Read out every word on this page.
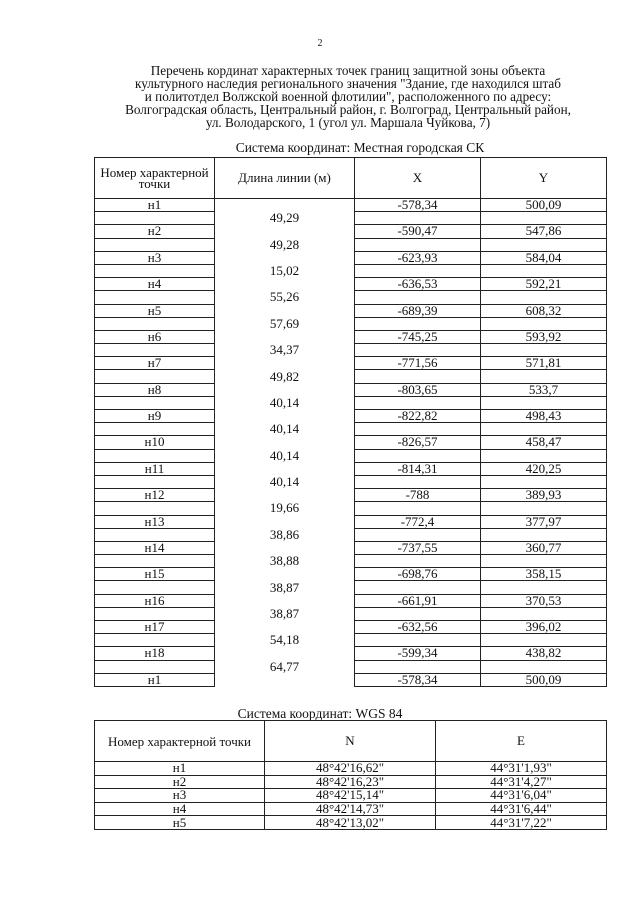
2
Перечень кординат характерных точек границ защитной зоны объекта
культурного наследия регионального значения "Здание, где находился штаб
и политотдел Волжской военной флотилии", расположенного по адресу:
Волгоградская область, Центральный район, г. Волгоград, Центральный район,
ул. Володарского, 1 (угол ул. Маршала Чуйкова, 7)
Система координат: Местная городская СК
Номер характерной точки	Длина линии (м)	X	Y
н1		-578,34	500,09
	49,29		
н2		-590,47	547,86
	49,28		
н3		-623,93	584,04
	15,02		
н4		-636,53	592,21
	55,26		
н5		-689,39	608,32
	57,69		
н6		-745,25	593,92
	34,37		
н7		-771,56	571,81
	49,82		
н8		-803,65	533,7
	40,14		
н9		-822,82	498,43
	40,14		
н10		-826,57	458,47
	40,14		
н11		-814,31	420,25
	40,14		
н12		-788	389,93
	19,66		
н13		-772,4	377,97
	38,86		
н14		-737,55	360,77
	38,88		
н15		-698,76	358,15
	38,87		
н16		-661,91	370,53
	38,87		
н17		-632,56	396,02
	54,18		
н18		-599,34	438,82
	64,77		
н1		-578,34	500,09
Система координат: WGS 84
Номер характерной точки	N	E
н1	48°42'16,62"	44°31'1,93"
н2	48°42'16,23"	44°31'4,27"
н3	48°42'15,14"	44°31'6,04"
н4	48°42'14,73"	44°31'6,44"
н5	48°42'13,02"	44°31'7,22"
